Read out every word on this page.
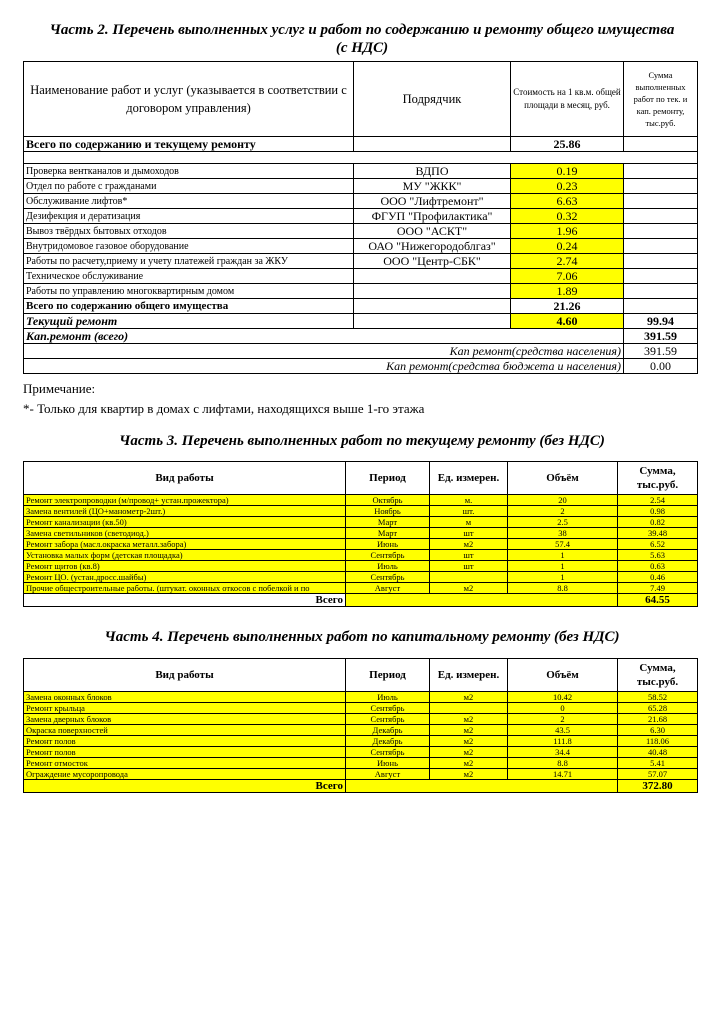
Часть 2. Перечень выполненных услуг и работ по содержанию и ремонту общего имущества
(с НДС)
Наименование работ и услуг (указывается в соответствии с договором управления)	Подрядчик	Стоимость на 1 кв.м. общей площади в месяц, руб.	Сумма выполненных работ по тек. и кап. ремонту, тыс.руб.
Всего по содержанию и текущему ремонту		25.86	

Проверка вентканалов и дымоходов	ВДПО	0.19	
Отдел по работе с гражданами	МУ "ЖКК"	0.23	
Обслуживание лифтов*	ООО "Лифтремонт"	6.63	
Дезифекция и дератизация	ФГУП "Профилактика"	0.32	
Вывоз твёрдых бытовых отходов	ООО "АСКТ"	1.96	
Внутридомовое газовое оборудование	ОАО "Нижегородоблгаз"	0.24	
Работы по расчету,приему и учету платежей граждан за ЖКУ	ООО "Центр-СБК"	2.74	
Техническое обслуживание		7.06	
Работы по управлению многоквартирным домом		1.89	
Всего по содержанию общего имущества		21.26	
Текущий ремонт		4.60	99.94
Кап.ремонт (всего)			391.59
Кап ремонт(средства населения)			391.59
Кап ремонт(средства бюджета и населения)			0.00
Примечание:
*- Только для квартир в домах с лифтами, находящихся выше 1-го этажа
Часть 3. Перечень выполненных работ по текущему ремонту (без НДС)
Вид работы	Период	Ед. измерен.	Объём	Сумма, тыс.руб.
Ремонт электропроводки (м/провод+ устан.прожектора)	Октябрь	м.	20	2.54
Замена вентилей (ЦО+манометр-2шт.)	Ноябрь	шт.	2	0.98
Ремонт канализации (кв.50)	Март	м	2.5	0.82
Замена светильников (светодиод.)	Март	шт	38	39.48
Ремонт забора (масл.окраска металл.забора)	Июнь	м2	57.4	6.52
Установка малых форм (детская площадка)	Сентябрь	шт	1	5.63
Ремонт щитов (кв.8)	Июль	шт	1	0.63
Ремонт ЦО. (устан.дросс.шайбы)	Сентябрь		1	0.46
Прочие общестроительные работы. (штукат. оконных откосов с побелкой и по	Август	м2	8.8	7.49
Всего				64.55
Часть 4. Перечень выполненных работ по капитальному ремонту (без НДС)
Вид работы	Период	Ед. измерен.	Объём	Сумма, тыс.руб.
Замена оконных блоков	Июль	м2	10.42	58.52
Ремонт крыльца	Сентябрь		0	65.28
Замена дверных блоков	Сентябрь	м2	2	21.68
Окраска поверхностей	Декабрь	м2	43.5	6.30
Ремонт полов	Декабрь	м2	111.8	118.06
Ремонт полов	Сентябрь	м2	34.4	40.48
Ремонт отмосток	Июнь	м2	8.8	5.41
Ограждение мусоропровода	Август	м2	14.71	57.07
Всего				372.80
